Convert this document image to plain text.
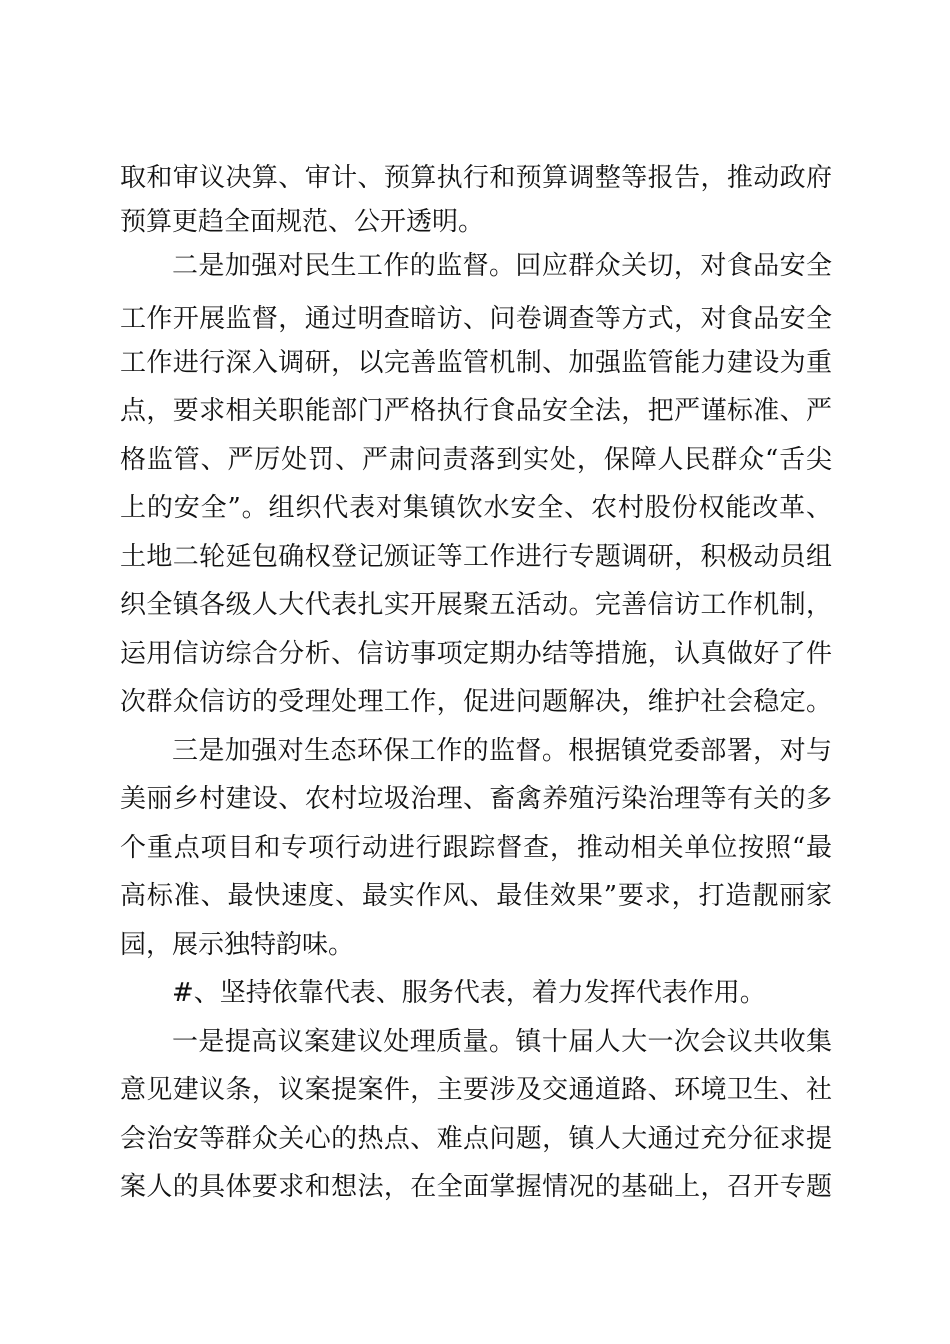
取和审议决算、审计、预算执行和预算调整等报告，推动政府
预算更趋全面规范、公开透明。
二是加强对民生工作的监督。回应群众关切，对食品安全
工作开展监督，通过明查暗访、问卷调查等方式，对食品安全
工作进行深入调研，以完善监管机制、加强监管能力建设为重
点，要求相关职能部门严格执行食品安全法，把严谨标准、严
格监管、严厉处罚、严肃问责落到实处，保障人民群众“舌尖
上的安全”。组织代表对集镇饮水安全、农村股份权能改革、
土地二轮延包确权登记颁证等工作进行专题调研，积极动员组
织全镇各级人大代表扎实开展聚五活动。完善信访工作机制，
运用信访综合分析、信访事项定期办结等措施，认真做好了件
次群众信访的受理处理工作，促进问题解决，维护社会稳定。
三是加强对生态环保工作的监督。根据镇党委部署，对与
美丽乡村建设、农村垃圾治理、畜禽养殖污染治理等有关的多
个重点项目和专项行动进行跟踪督查，推动相关单位按照“最
高标准、最快速度、最实作风、最佳效果”要求，打造靓丽家
园，展示独特韵味。
#、坚持依靠代表、服务代表，着力发挥代表作用。
一是提高议案建议处理质量。镇十届人大一次会议共收集
意见建议条，议案提案件，主要涉及交通道路、环境卫生、社
会治安等群众关心的热点、难点问题，镇人大通过充分征求提
案人的具体要求和想法，在全面掌握情况的基础上，召开专题
